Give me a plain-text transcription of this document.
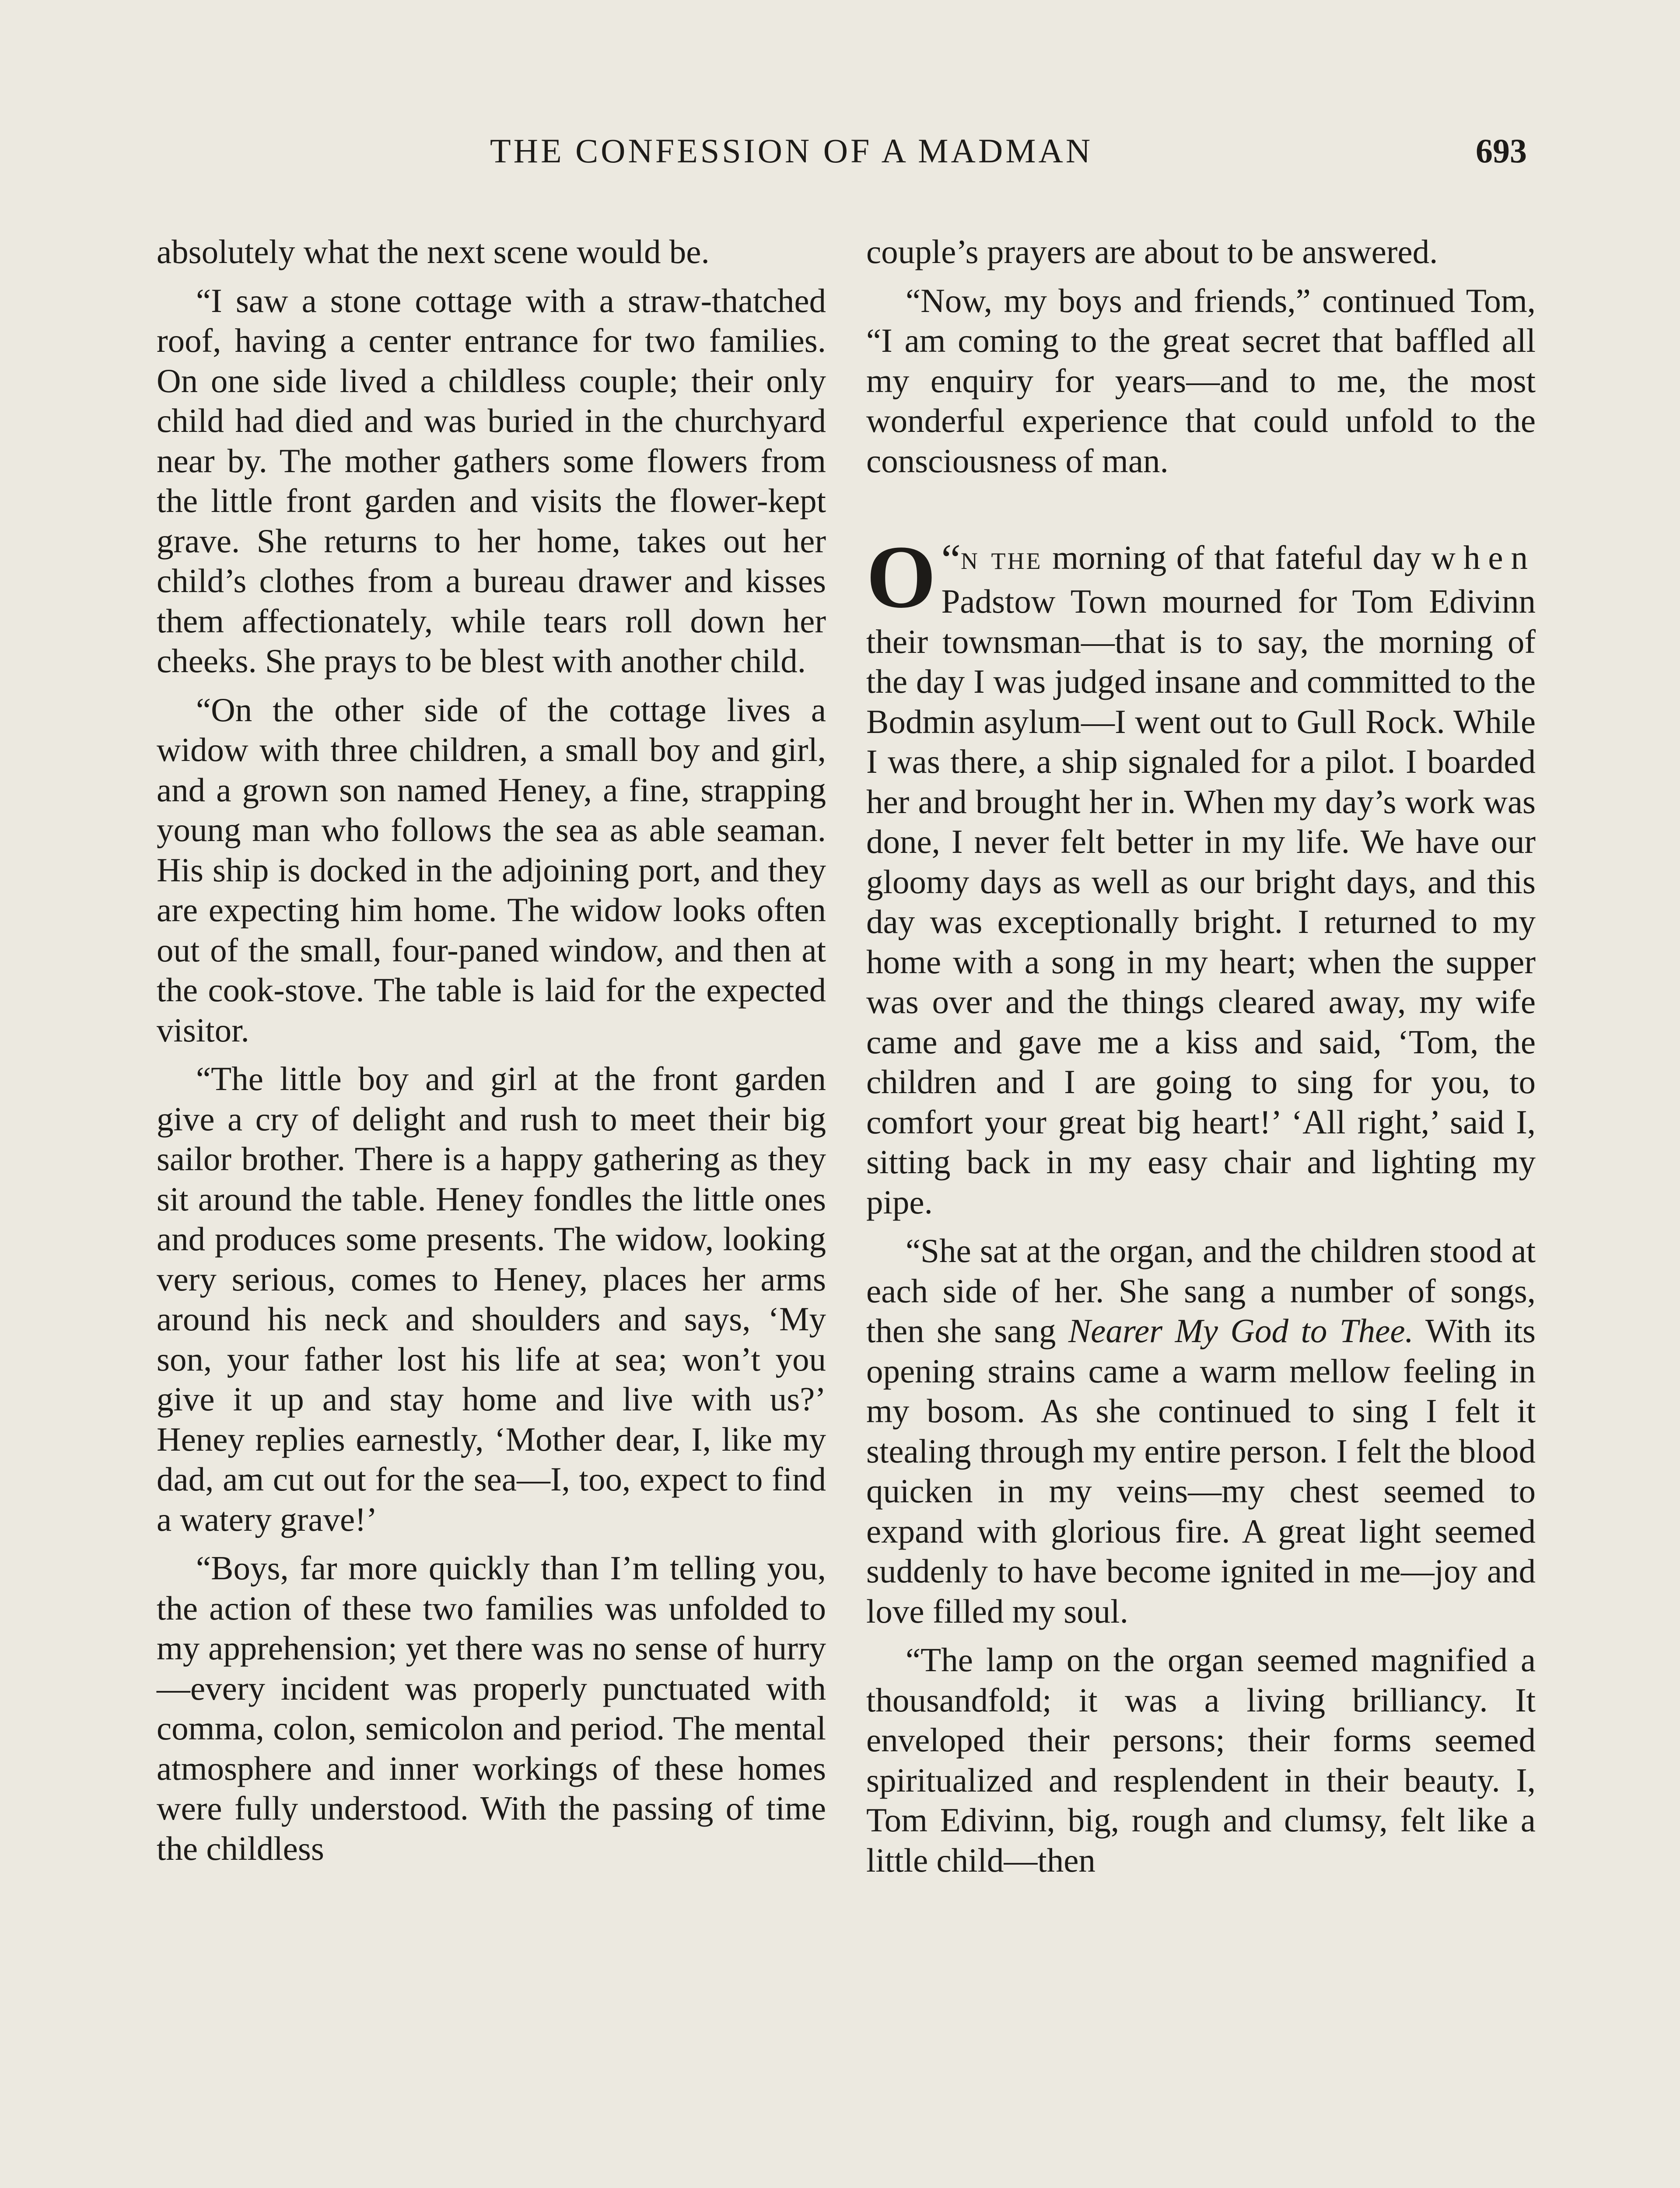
THE CONFESSION OF A MADMAN	693

absolutely what the next scene would be.

“I saw a stone cottage with a straw-thatched roof, having a center entrance for two families. On one side lived a childless couple; their only child had died and was buried in the churchyard near by. The mother gathers some flowers from the little front garden and visits the flower-kept grave. She returns to her home, takes out her child’s clothes from a bureau drawer and kisses them affectionately, while tears roll down her cheeks. She prays to be blest with another child.

“On the other side of the cottage lives a widow with three children, a small boy and girl, and a grown son named Heney, a fine, strapping young man who follows the sea as able seaman. His ship is docked in the adjoining port, and they are expecting him home. The widow looks often out of the small, four-paned window, and then at the cook-stove. The table is laid for the expected visitor.

“The little boy and girl at the front garden give a cry of delight and rush to meet their big sailor brother. There is a happy gathering as they sit around the table. Heney fondles the little ones and produces some presents. The widow, looking very serious, comes to Heney, places her arms around his neck and shoulders and says, ‘My son, your father lost his life at sea; won’t you give it up and stay home and live with us?’ Heney replies earnestly, ‘Mother dear, I, like my dad, am cut out for the sea—I, too, expect to find a watery grave!’

“Boys, far more quickly than I’m telling you, the action of these two families was unfolded to my apprehension; yet there was no sense of hurry—every incident was properly punctuated with comma, colon, semicolon and period. The mental atmosphere and inner workings of these homes were fully understood. With the passing of time the childless

couple’s prayers are about to be answered.

“Now, my boys and friends,” continued Tom, “I am coming to the great secret that baffled all my enquiry for years—and to me, the most wonderful experience that could unfold to the consciousness of man.

“
O n the morning of that fateful day when Padstow Town mourned for Tom Edivinn their townsman—that is to say, the morning of the day I was judged insane and committed to the Bodmin asylum—I went out to Gull Rock. While I was there, a ship signaled for a pilot. I boarded her and brought her in. When my day’s work was done, I never felt better in my life. We have our gloomy days as well as our bright days, and this day was exceptionally bright. I returned to my home with a song in my heart; when the supper was over and the things cleared away, my wife came and gave me a kiss and said, ‘Tom, the children and I are going to sing for you, to comfort your great big heart!’ ‘All right,’ said I, sitting back in my easy chair and lighting my pipe.

“She sat at the organ, and the children stood at each side of her. She sang a number of songs, then she sang Nearer My God to Thee. With its opening strains came a warm mellow feeling in my bosom. As she continued to sing I felt it stealing through my entire person. I felt the blood quicken in my veins—my chest seemed to expand with glorious fire. A great light seemed suddenly to have become ignited in me—joy and love filled my soul.

“The lamp on the organ seemed magnified a thousandfold; it was a living brilliancy. It enveloped their persons; their forms seemed spiritualized and resplendent in their beauty. I, Tom Edivinn, big, rough and clumsy, felt like a little child—then
